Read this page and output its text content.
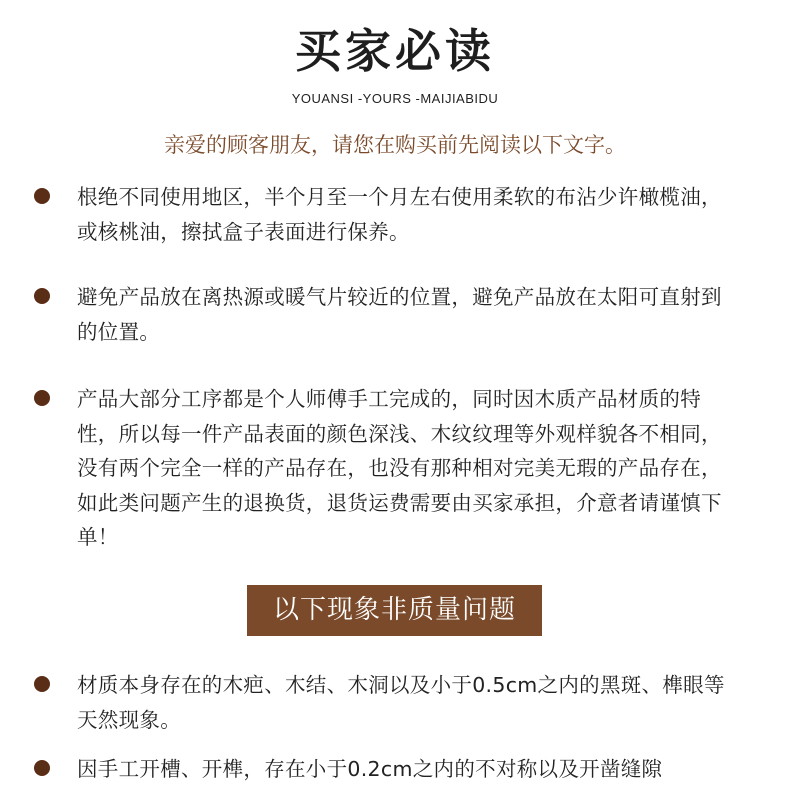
买家必读
YOUANSI -YOURS -MAIJIABIDU
亲爱的顾客朋友，请您在购买前先阅读以下文字。
根绝不同使用地区，半个月至一个月左右使用柔软的布沾少许橄榄油，或核桃油，擦拭盒子表面进行保养。
避免产品放在离热源或暖气片较近的位置，避免产品放在太阳可直射到的位置。
产品大部分工序都是个人师傅手工完成的，同时因木质产品材质的特性，所以每一件产品表面的颜色深浅、木纹纹理等外观样貌各不相同，没有两个完全一样的产品存在，也没有那种相对完美无瑕的产品存在，如此类问题产生的退换货，退货运费需要由买家承担，介意者请谨慎下单！
以下现象非质量问题
材质本身存在的木疤、木结、木洞以及小于0.5cm之内的黑斑、榫眼等天然现象。
因手工开槽、开榫，存在小于0.2cm之内的不对称以及开凿缝隙
